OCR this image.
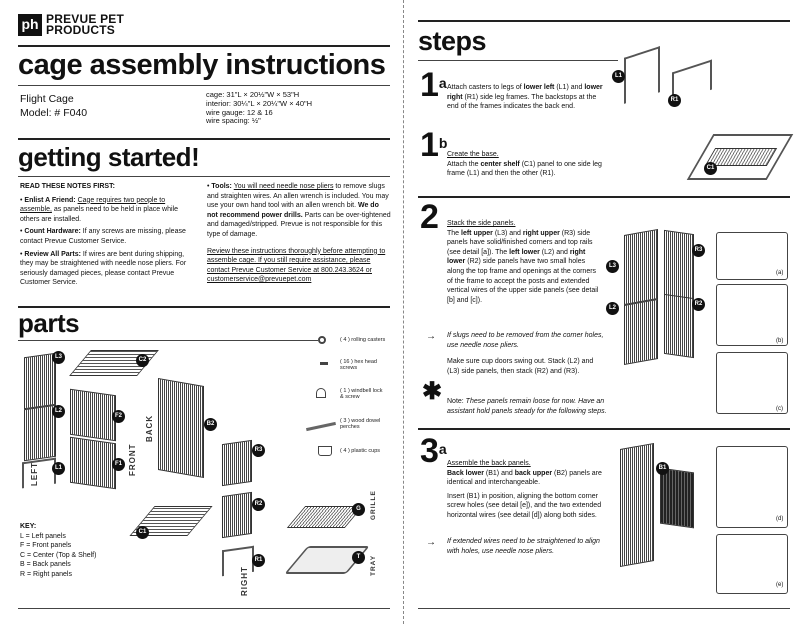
ph PREVUE PET
PRODUCTS
cage assembly instructions
Flight Cage
Model: # F040
cage: 31"L × 20½"W × 53"H
interior: 30¼"L × 20¼"W × 40"H
wire gauge: 12 & 16
wire spacing: ½"
getting started!
READ THESE NOTES FIRST:
• Enlist A Friend: Cage requires two people to assemble, as panels need to be held in place while others are installed.
• Count Hardware: If any screws are missing, please contact Prevue Customer Service.
• Review All Parts: If wires are bent during shipping, they may be straightened with needle nose pliers. For seriously damaged pieces, please contact Prevue Customer Service.
• Tools: You will need needle nose pliers to remove slugs and straighten wires. An allen wrench is included. You may use your own hand tool with an allen wrench bit. We do not recommend power drills. Parts can be over-tightened and damaged/stripped. Prevue is not responsible for this type of damage.
Review these instructions thoroughly before attempting to assemble cage. If you still require assistance, please contact Prevue Customer Service at 800.243.3624 or customerservice@prevuepet.com
parts
L3
L2
L1
C2
F2
F1
B2
R3
R2
R1
C1
G
T
LEFT	FRONT
BACK
RIGHT
GRILLE
TRAY
( 4 ) rolling casters
( 16 ) hex head screws
( 1 ) windbell lock & screw
( 3 ) wood dowel perches
( 4 ) plastic cups
KEY:
L = Left panels
F = Front panels
C = Center (Top & Shelf)
B = Back panels
R = Right panels
steps
1$^a$ Attach casters to legs of lower left (L1) and lower right (R1) side leg frames. The backstops at the end of the frames indicates the back end.
L1
R1
1$^b$
Create the base.
Attach the center shelf (C1) panel to one side leg frame (L1) and then the other (R1).
C1
2 Stack the side panels.
The left upper (L3) and right upper (R3) side panels have solid/finished corners and top rails (see detail [a]). The left lower (L2) and right lower (R2) side panels have two small holes along the top frame and openings at the corners of the frame to accept the posts and extended vertical wires of the upper side panels (see detail [b] and [c]).
→ If slugs need to be removed from the corner holes, use needle nose pliers.
Make sure cup doors swing out. Stack (L2) and (L3) side panels, then stack (R2) and (R3).
✱ Note: These panels remain loose for now. Have an assistant hold panels steady for the following steps.
L3
L2
R3
R2
(a)
(b)
(c)
3$^a$
Assemble the back panels.
Back lower (B1) and back upper (B2) panels are identical and interchangeable.
Insert (B1) in position, aligning the bottom corner screw holes (see detail [e]), and the two extended horizontal wires (see detail [d]) along both sides.
→ If extended wires need to be straightened to align with holes, use needle nose pliers.
B1
(d)
(e)
